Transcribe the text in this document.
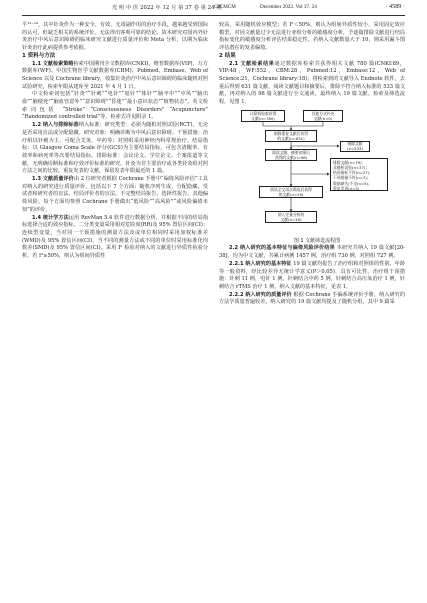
光 明 中 医 2022 年 12 月 第 37 卷 第 24 期
GJCMCM	December 2022. Vol 37. 24	· 4589 ·

平¹¹⁻¹⁹，其中针灸作为一种安全、有效、无毒副作用的治疗手段，越来越受到国际的认可，但缺乏相关的系统评价，无法得出客观可靠的结论。故本研究对国内外针灸治疗中风后意识障碍的临床研究文献进行质量评价和 Meta 分析，以期为临床针灸治疗此病提供参考依据。

1 资料与方法

1.1 文献检索策略检索中国期刊全文数据库(CNKI)、维普数据库(VIP)、万方数据库(WF)、中国生物医学文献数据库(CBM)、Pubmed、Embase、Web of Science 以及 Cochrane library，收集针灸治疗中风后意识障碍的临床随机对照试验研究，检索年限从建库至 2021 年 4 月 1 日。

中文检索词包括“针灸”“针刺”“电针”“毫针”“体针”“脑卒中”“中风”“脑出血”“脑梗死”“脑血管意外”“意识障碍”“昏迷”“最小意识状态”“植物状态”。英文检索词包括 “Stroke” “Consciousness Disorders” “Acupuncture” “Randomized controlled trial”等，检索式详见附录 1。

1.2 纳入与排除标准纳入标准：研究类型：必须为随机对照试验(RCT)，无论是否采用盲法或分配隐藏。研究对象：明确诊断为中风后意识障碍。干预措施：治疗组以针刺为主，可配合艾灸、中药等；对照组采用神经内科常规治疗。结局指标：以 Glasgow Coma Scale 评分(GCS)为主要结局指标，可包含清醒率、有效率和病死率等次要结局指标。排除标准：会议论文、学位论文、个案报道等文献，无明确诊断标准和疗效评价标准的研究。针灸为非主要治疗或各类针灸组对照方法之间的比较。重复发表的文献，保留发表年限最近的 1 篇。

1.3 文献质量评价由 2 位研究者根据 Cochrane 手册中“偏倚风险评估”工具对纳入的研究进行质量评价，包括以下 7 个方面：随机序列生成、分配隐藏、受试者和研究者的盲法、结局评价者的盲法、不完整结局报告、选择性报告、其他偏倚风险。每个方面均参照 Cochrane 手册做出“低风险”“高风险”“或风险偏倚未知”的评价。

1.4 统计学方法运用 RevMan 5.4 软件进行数据分析，并根据不同的结局指标选择合适的效应指标。二分类变量采用相对危险度(RR)及 95% 置信区间(CI)；连续型变量，当对同一干预措施的测量方法及或单位相同时采用加权标准差(WMD)及 95% 置信区间(CI)，当不同的测量方法或不同的单位时采用标准化均数差(SMD)及 95% 置信区间(CI)。采用 I² 检验对纳入的文献进行异质性检验分析，若 I²≥50%，则认为组间异质性

较高，采用随机效应模型；若 I²＜50%，则认为组间异质性较小，采用固定效应模型。对因文献量过少无法进行亚组分析的敏感度分析，予逐篇排除文献进行结局指标变化的敏感度分析评估结果稳定性。若纳入文献数量大于 10，则采用漏斗图评估潜在的发表偏倚。

2 结果

2.1 文献检索结果通过数据库检索共获得相关文献 780 篇(CNKI:89，VIP:48，WF:552，CBM:28，Pubmed:12，Embase:12，Web of Science:21，Cochrane library:18)；将检索到的文献导入 Endnote 软件，去重后得到 631 篇文献，阅读文献题目和摘要后，排除不符合纳入标准的 533 篇文献，再对纳入的 98 篇文献进行全文通读，最终纳入 19 篇文献。检索及筛选流程，见图 1。

计算机检索获得
文献(n=780)
其他方式补充
文献(n=0)
剔除重复文献后获得
的文献(n=631)
阅读文题、摘要初筛后
获得的文献(n=98)
剔除文献
(n=533)
排除文献(n=79)：
非随机试验(n=37)；
结局指标不符(n=27)；
干预措施不符(n=7)；
数据缺失/不全(n=5)；
重复发表(n=3)
阅读全文再次筛选后获得
的文献(n=19)
纳入定量分析的
文献(n=19)

图 1 文献筛选流程图

2.2 纳入研究的基本特征与偏倚风险评价结果 本研究共纳入 19 篇文献[20-38]，均为中文文献，共累计病例 1457 例，治疗组 730 例，对照组 727 例。

2.2.1 纳入研究的基本特征 19 篇文献均报告了治疗组和对照组的性别、年龄等一般资料，经比较差异无统计学意义(P＞0.05)，具有可比性。治疗组干预措施：针刺 11 例，电针 1 例，针刺结合中药 5 例，针刺结合高压氧治疗 1 例，针刺结合 rTMS 治疗 1 例。纳入文献的基本特征，见表 1。

2.2.2 纳入研究的质量评价 根据 Cochrane 手偏系统评价手册，纳入研究的方法学质量普遍较差。纳入研究的 19 篇文献均提及了随机分组，其中 9 篇采
